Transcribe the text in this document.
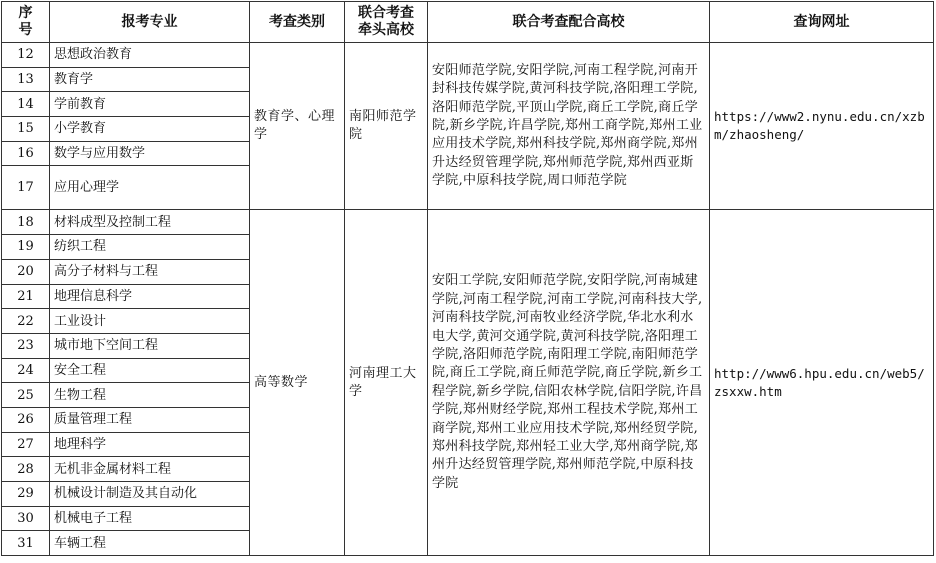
序号	报考专业	考查类别	联合考查牵头高校	联合考查配合高校	查询网址
12	思想政治教育	教育学、心理学	南阳师范学院	安阳师范学院,安阳学院,河南工程学院,河南开封科技传媒学院,黄河科技学院,洛阳理工学院,洛阳师范学院,平顶山学院,商丘工学院,商丘学院,新乡学院,许昌学院,郑州工商学院,郑州工业应用技术学院,郑州科技学院,郑州商学院,郑州升达经贸管理学院,郑州师范学院,郑州西亚斯学院,中原科技学院,周口师范学院	https://www2.nynu.edu.cn/xzbm/zhaosheng/
13	教育学				
14	学前教育				
15	小学教育				
16	数学与应用数学				
17	应用心理学				
18	材料成型及控制工程	高等数学	河南理工大学	安阳工学院,安阳师范学院,安阳学院,河南城建学院,河南工程学院,河南工学院,河南科技大学,河南科技学院,河南牧业经济学院,华北水利水电大学,黄河交通学院,黄河科技学院,洛阳理工学院,洛阳师范学院,南阳理工学院,南阳师范学院,商丘工学院,商丘师范学院,商丘学院,新乡工程学院,新乡学院,信阳农林学院,信阳学院,许昌学院,郑州财经学院,郑州工程技术学院,郑州工商学院,郑州工业应用技术学院,郑州经贸学院,郑州科技学院,郑州轻工业大学,郑州商学院,郑州升达经贸管理学院,郑州师范学院,中原科技学院	http://www6.hpu.edu.cn/web5/zsxxw.htm
19	纺织工程				
20	高分子材料与工程				
21	地理信息科学				
22	工业设计				
23	城市地下空间工程				
24	安全工程				
25	生物工程				
26	质量管理工程				
27	地理科学				
28	无机非金属材料工程				
29	机械设计制造及其自动化				
30	机械电子工程				
31	车辆工程				
